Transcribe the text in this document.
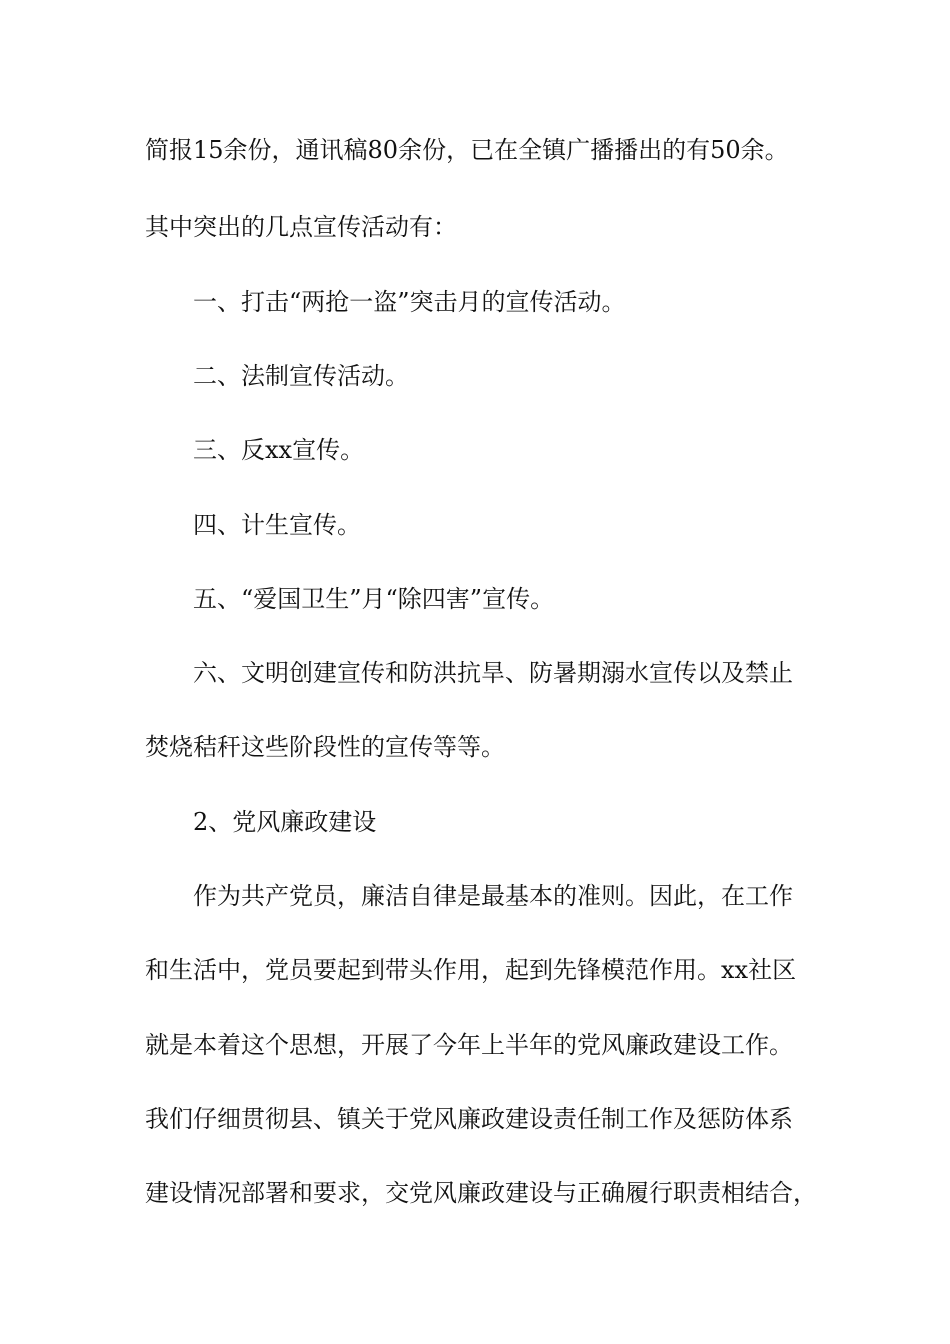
简报15余份，通讯稿80余份，已在全镇广播播出的有50余。
其中突出的几点宣传活动有：
一、打击“两抢一盗”突击月的宣传活动。
二、法制宣传活动。
三、反xx宣传。
四、计生宣传。
五、“爱国卫生”月“除四害”宣传。
六、文明创建宣传和防洪抗旱、防暑期溺水宣传以及禁止
焚烧秸秆这些阶段性的宣传等等。
2、党风廉政建设
作为共产党员，廉洁自律是最基本的准则。因此，在工作
和生活中，党员要起到带头作用，起到先锋模范作用。xx社区
就是本着这个思想，开展了今年上半年的党风廉政建设工作。
我们仔细贯彻县、镇关于党风廉政建设责任制工作及惩防体系
建设情况部署和要求，交党风廉政建设与正确履行职责相结合，
